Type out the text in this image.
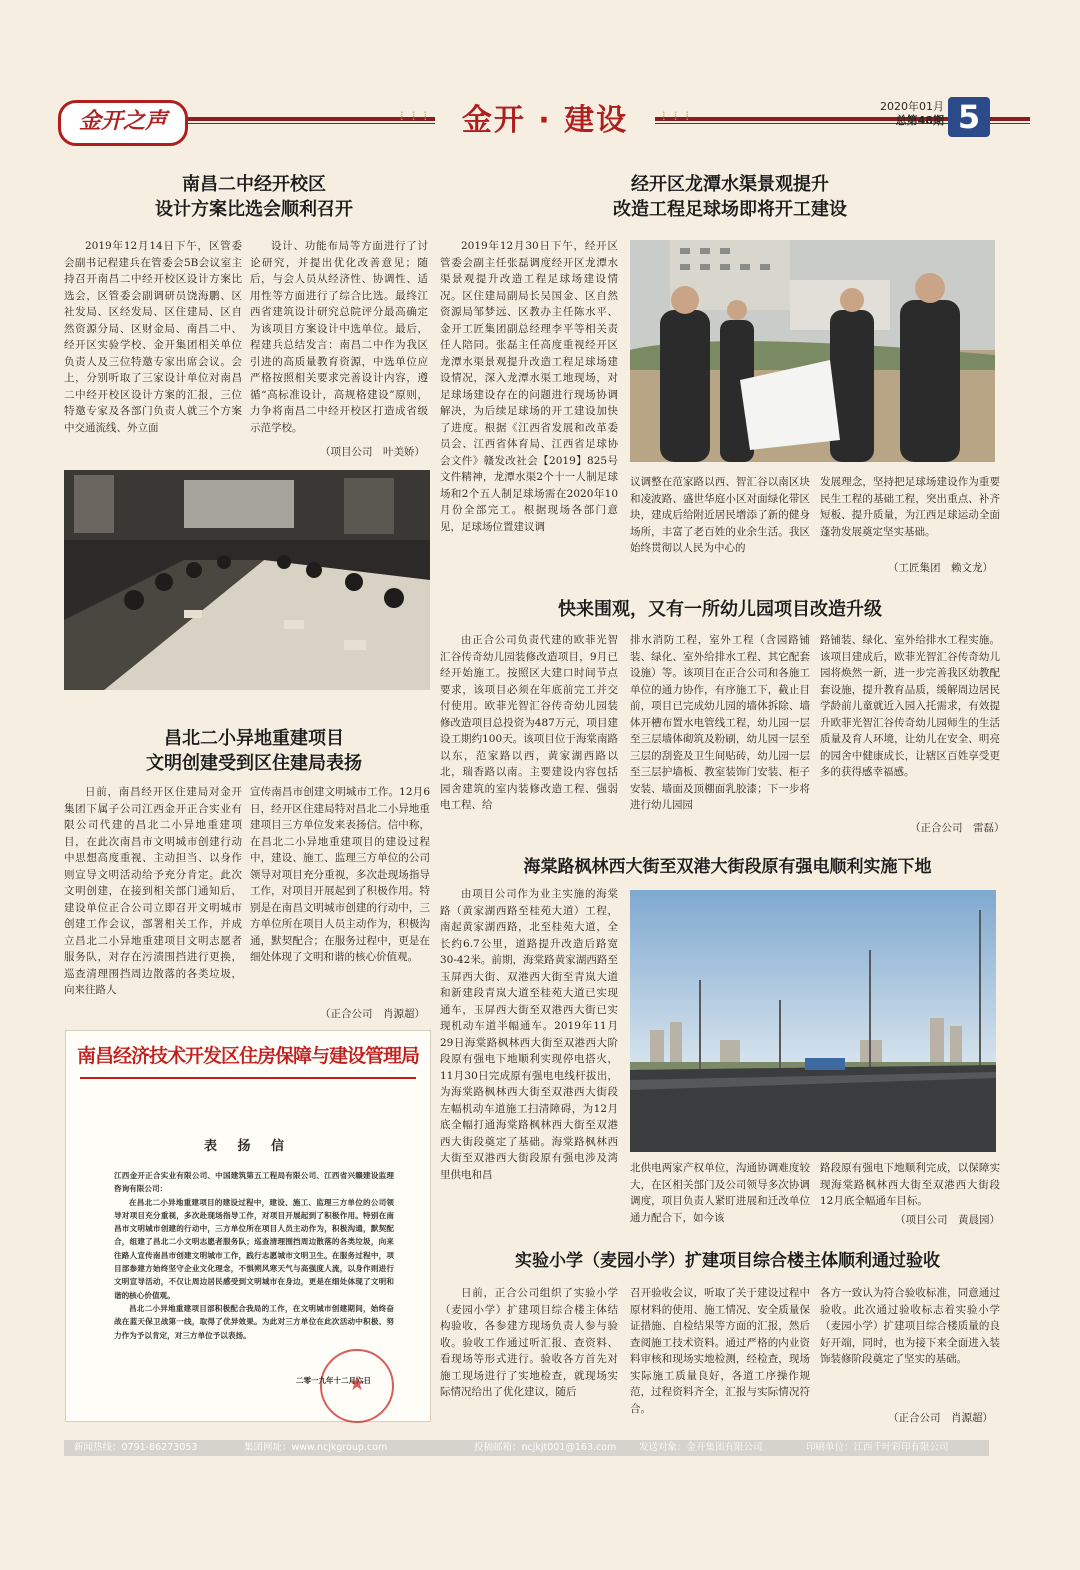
金开之声	⁞ ⁞ ⁞	金开 · 建设	⁞ ⁞ ⁞
2020年01月
总第48期 5
南昌二中经开校区
设计方案比选会顺利召开
2019年12月14日下午，区管委会副书记程建兵在管委会5B会议室主持召开南昌二中经开校区设计方案比选会，区管委会副调研员饶海鹏、区社发局、区经发局、区住建局、区自然资源分局、区财金局、南昌二中、经开区实验学校、金开集团相关单位负责人及三位特邀专家出席会议。会上，分别听取了三家设计单位对南昌二中经开校区设计方案的汇报，三位特邀专家及各部门负责人就三个方案中交通流线、外立面
设计、功能布局等方面进行了讨论研究，并提出优化改善意见；随后，与会人员从经济性、协调性、适用性等方面进行了综合比选。最终江西省建筑设计研究总院评分最高确定为该项目方案设计中选单位。最后，程建兵总结发言：南昌二中作为我区引进的高质量教育资源，中选单位应严格按照相关要求完善设计内容，遵循“高标准设计，高规格建设”原则，力争将南昌二中经开校区打造成省级示范学校。
（项目公司　叶美娇）
经开区龙潭水渠景观提升
改造工程足球场即将开工建设
2019年12月30日下午，经开区管委会副主任张磊调度经开区龙潭水渠景观提升改造工程足球场建设情况。区住建局副局长吴国金、区自然资源局邹梦远、区教办主任陈水平、金开工匠集团副总经理李平等相关责任人陪同。张磊主任高度重视经开区龙潭水渠景观提升改造工程足球场建设情况，深入龙潭水渠工地现场，对足球场建设存在的问题进行现场协调解决，为后续足球场的开工建设加快了进度。根据《江西省发展和改革委员会、江西省体育局、江西省足球协会文件》赣发改社会【2019】825号文件精神，龙潭水渠2个十一人制足球场和2个五人制足球场需在2020年10月份全部完工。根据现场各部门意见，足球场位置建议调
议调整在范家路以西、智汇谷以南区块和凌波路、盛世华庭小区对面绿化带区块，建成后给附近居民增添了新的健身场所，丰富了老百姓的业余生活。我区始终贯彻以人民为中心的
发展理念，坚持把足球场建设作为重要民生工程的基础工程，突出重点、补齐短板、提升质量，为江西足球运动全面蓬勃发展奠定坚实基础。
（工匠集团　赖文龙）
快来围观，又有一所幼儿园项目改造升级
由正合公司负责代建的欧菲光智汇谷传奇幼儿园装修改造项目，9月已经开始施工。按照区大建口时间节点要求，该项目必须在年底前完工并交付使用。欧菲光智汇谷传奇幼儿园装修改造项目总投资为487万元，项目建设工期约100天。该项目位于海棠南路以东，范家路以西，黄家湖西路以北，瑞香路以南。主要建设内容包括园舍建筑的室内装修改造工程、强弱电工程、给
排水消防工程，室外工程（含园路铺装、绿化、室外给排水工程、其它配套设施）等。该项目在正合公司和各施工单位的通力协作，有序施工下，截止目前，项目已完成幼儿园的墙体拆除、墙体开槽布置水电管线工程，幼儿园一层至三层墙体砌筑及粉刷，幼儿园一层至三层的刮瓷及卫生间贴砖，幼儿园一层至三层护墙板、教室装饰门安装、柜子安装、墙面及顶棚面乳胶漆；下一步将进行幼儿园园
路铺装、绿化、室外给排水工程实施。该项目建成后，欧菲光智汇谷传奇幼儿园将焕然一新，进一步完善我区幼教配套设施，提升教育品质，缓解周边居民学龄前儿童就近入园入托需求，有效提升欧菲光智汇谷传奇幼儿园师生的生活质量及育人环境，让幼儿在安全、明亮的园舍中健康成长，让辖区百姓享受更多的获得感幸福感。
（正合公司　雷磊）
昌北二小异地重建项目
文明创建受到区住建局表扬
日前，南昌经开区住建局对金开集团下属子公司江西金开正合实业有限公司代建的昌北二小异地重建项目，在此次南昌市文明城市创建行动中思想高度重视、主动担当、以身作则宣导文明活动给予充分肯定。此次文明创建，在接到相关部门通知后，建设单位正合公司立即召开文明城市创建工作会议，部署相关工作，并成立昌北二小异地重建项目文明志愿者服务队，对存在污渍围挡进行更换，巡查清理围挡周边散落的各类垃圾，向来往路人
宣传南昌市创建文明城市工作。12月6日，经开区住建局特对昌北二小异地重建项目三方单位发来表扬信。信中称，在昌北二小异地重建项目的建设过程中，建设、施工、监理三方单位的公司领导对项目充分重视，多次赴现场指导工作，对项目开展起到了积极作用。特别是在南昌文明城市创建的行动中，三方单位所在项目人员主动作为，积极沟通，默契配合；在服务过程中，更是在细处体现了文明和谐的核心价值观。
（正合公司　肖源超）
南昌经济技术开发区住房保障与建设管理局
表 扬 信

江西金开正合实业有限公司、中国建筑第五工程局有限公司、江西省兴赣建设监理咨询有限公司：

在昌北二小异地重建项目的建设过程中，建设、施工、监理三方单位的公司领导对项目充分重视，多次赴现场指导工作，对项目开展起到了积极作用。特别在南昌市文明城市创建的行动中，三方单位所在项目人员主动作为，积极沟通，默契配合，组建了昌北二小文明志愿者服务队；巡查清理围挡周边散落的各类垃圾，向来往路人宣传南昌市创建文明城市工作，践行志愿城市文明卫生。在服务过程中，项目部参建方始终坚守企业文化理念，不惧朔风寒天气与高强度人流，以身作则进行文明宣导活动，不仅让周边居民感受到文明城市在身边，更是在细处体现了文明和谐的核心价值观。

昌北二小异地重建项目部积极配合我局的工作，在文明城市创建期间，始终奋战在蓝天保卫战第一线，取得了优异效果。为此对三方单位在此次活动中积极、努力作为予以肯定，对三方单位予以表扬。

★
二零一九年十二月六日
海棠路枫林西大街至双港大街段原有强电顺利实施下地
由项目公司作为业主实施的海棠路（黄家湖西路至桂苑大道）工程，南起黄家湖西路，北至桂苑大道，全长约6.7公里，道路提升改造后路宽30-42米。前期，海棠路黄家湖西路至玉屏西大街、双港西大街至青岚大道和新建段青岚大道至桂苑大道已实现通车，玉屏西大街至双港西大街已实现机动车道半幅通车。2019年11月29日海棠路枫林西大街至双港西大阶段原有强电下地顺利实现停电搭火，11月30日完成原有强电电线杆拔出，为海棠路枫林西大街至双港西大街段左幅机动车道施工扫清障碍，为12月底全幅打通海棠路枫林西大街至双港西大街段奠定了基础。海棠路枫林西大街至双港西大街段原有强电涉及湾里供电和昌
北供电两家产权单位，沟通协调难度较大，在区相关部门及公司领导多次协调调度，项目负责人紧盯进展和迁改单位通力配合下，如今该
路段原有强电下地顺利完成，以保障实现海棠路枫林西大街至双港西大街段12月底全幅通车目标。
（项目公司　黄晨园）
实验小学（麦园小学）扩建项目综合楼主体顺利通过验收
日前，正合公司组织了实验小学（麦园小学）扩建项目综合楼主体结构验收，各参建方现场负责人参与验收。验收工作通过听汇报、查资料、看现场等形式进行。验收各方首先对施工现场进行了实地检查，就现场实际情况给出了优化建议，随后
召开验收会议，听取了关于建设过程中原材料的使用、施工情况、安全质量保证措施、自检结果等方面的汇报，然后查阅施工技术资料。通过严格的内业资料审核和现场实地检测，经检查，现场实际施工质量良好，各道工序操作规范，过程资料齐全，汇报与实际情况符合。
各方一致认为符合验收标准，同意通过验收。此次通过验收标志着实验小学（麦园小学）扩建项目综合楼质量的良好开端，同时，也为接下来全面进入装饰装修阶段奠定了坚实的基础。
（正合公司　肖源超）
新闻热线：0791-86273053	集团网址：www.ncjkgroup.com	投稿邮箱：ncjkjt001@163.com 发送对象：金开集团有限公司	印刷单位：江西千叶彩印有限公司
